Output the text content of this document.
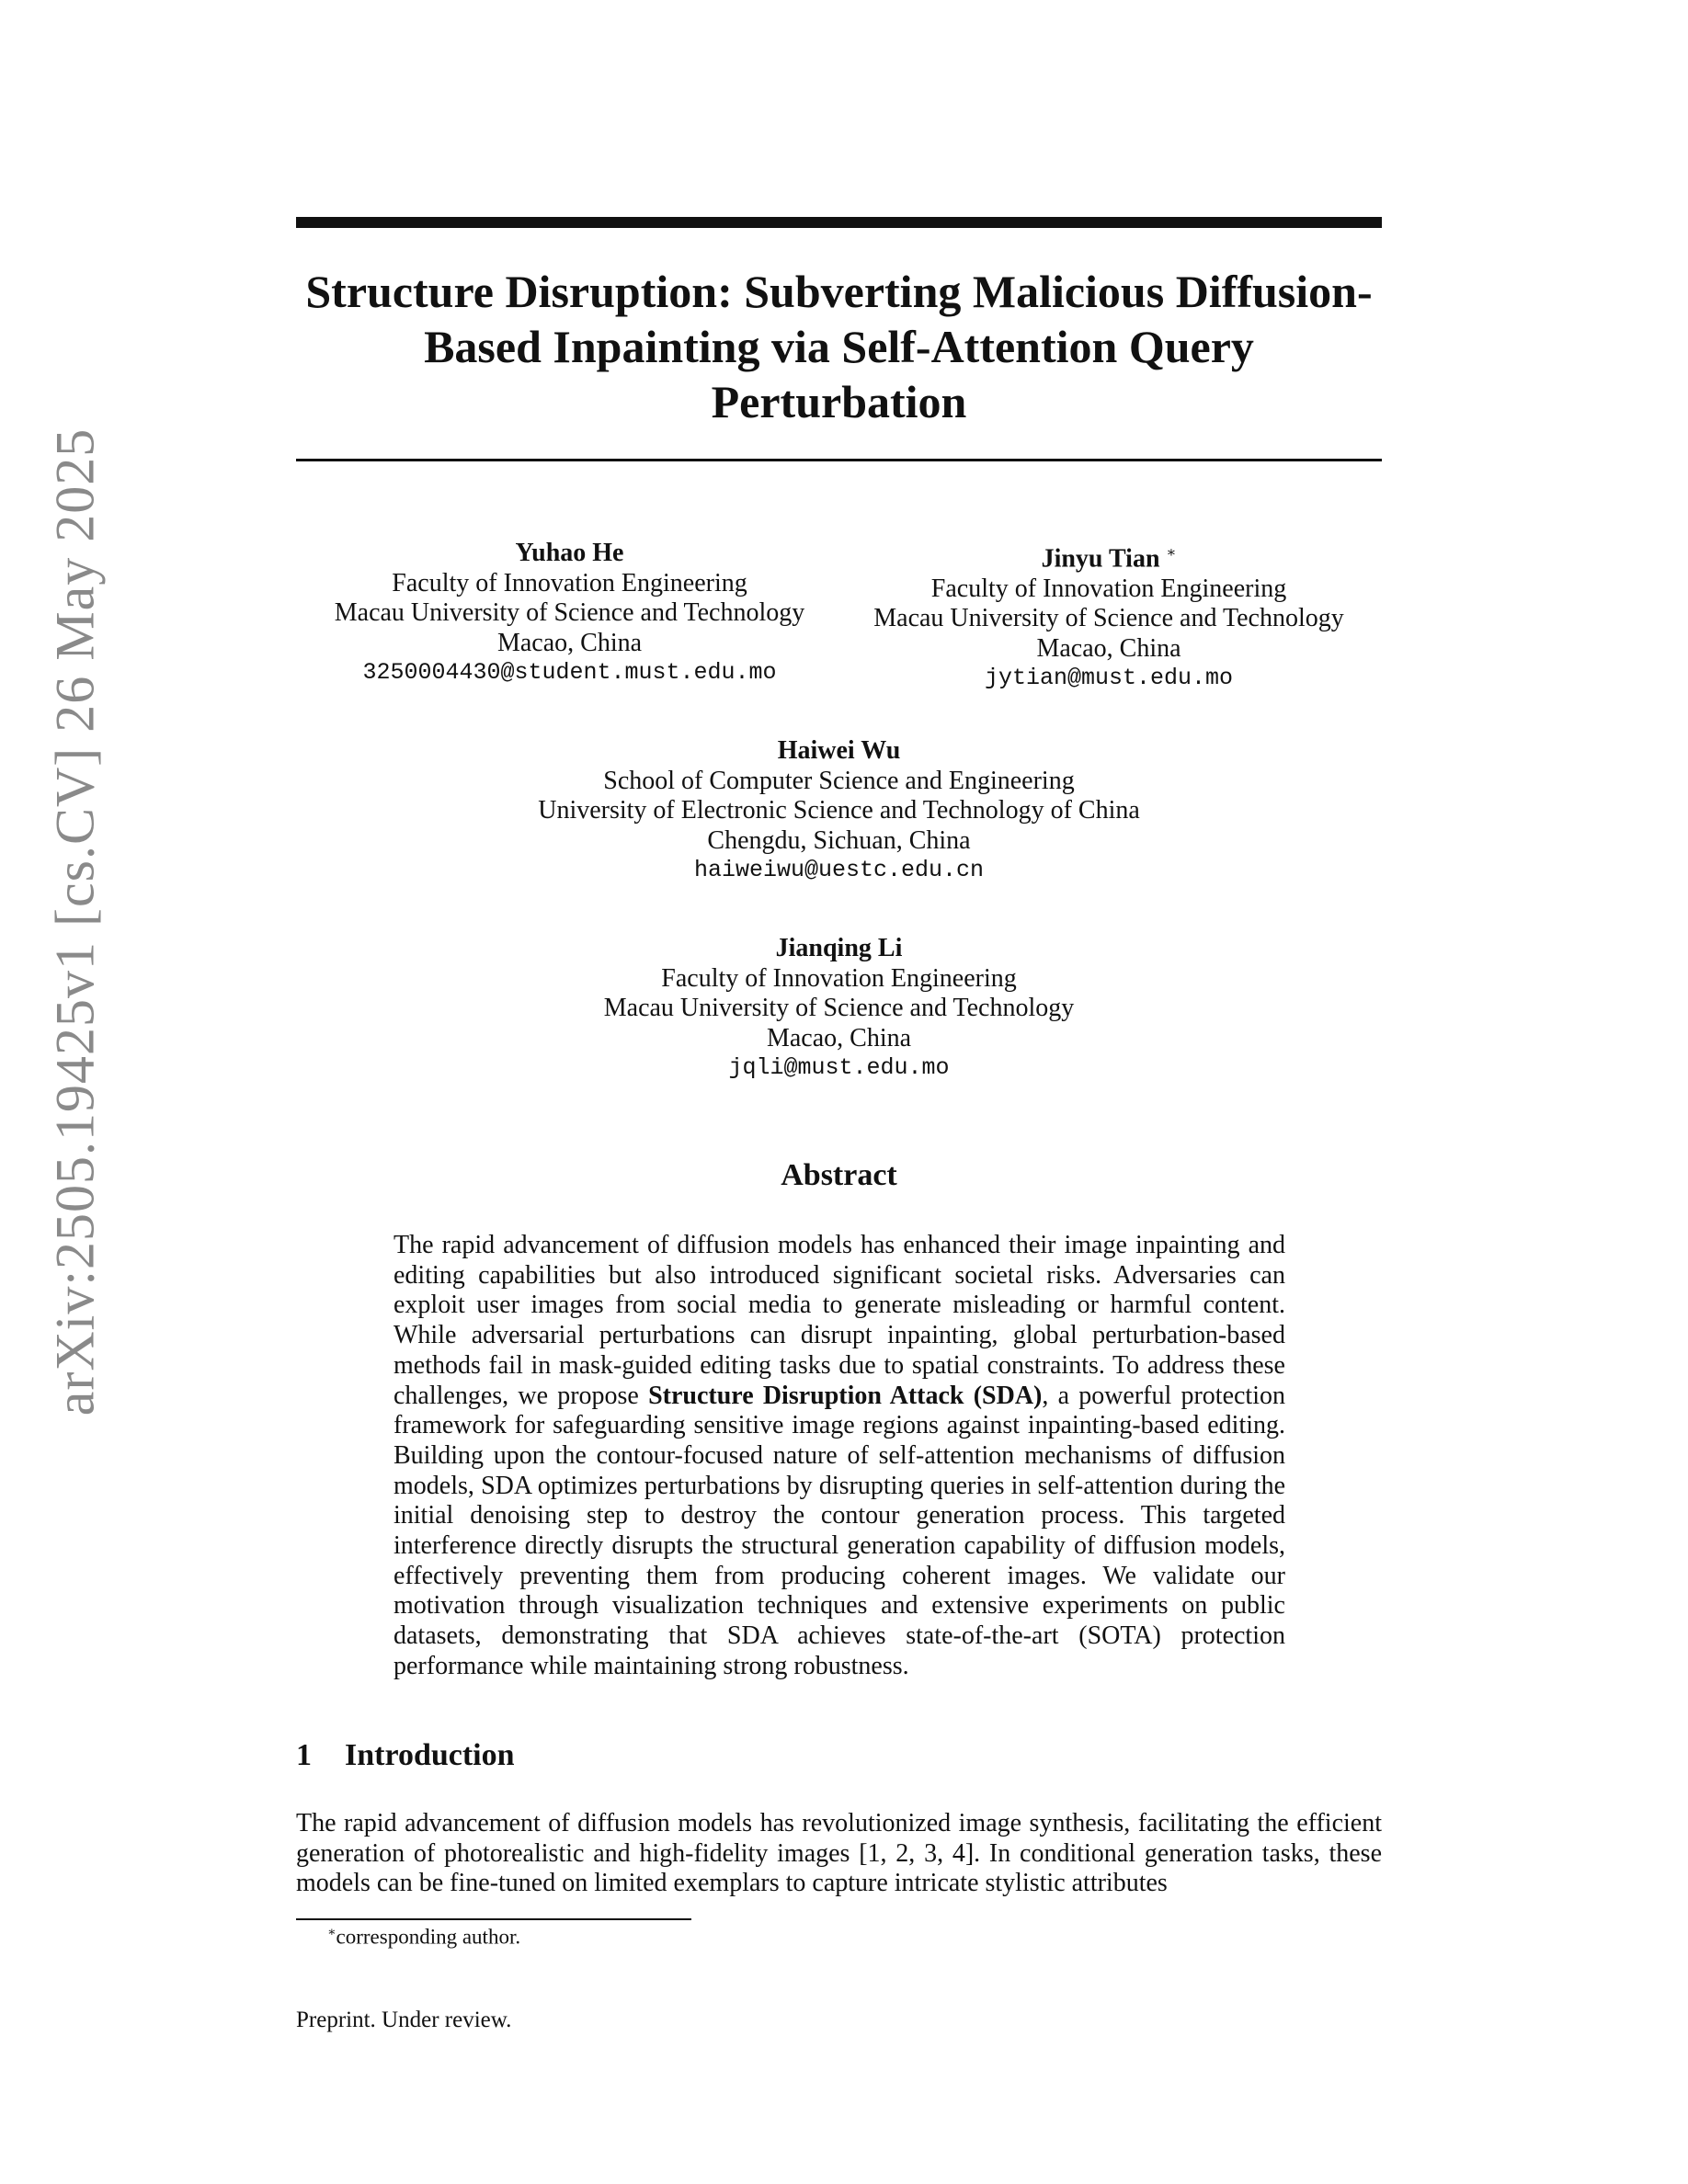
arXiv:2505.19425v1 [cs.CV] 26 May 2025
Structure Disruption: Subverting Malicious Diffusion-Based Inpainting via Self-Attention Query Perturbation
Yuhao He
Faculty of Innovation Engineering
Macau University of Science and Technology
Macao, China
3250004430@student.must.edu.mo
Jinyu Tian ∗
Faculty of Innovation Engineering
Macau University of Science and Technology
Macao, China
jytian@must.edu.mo
Haiwei Wu
School of Computer Science and Engineering
University of Electronic Science and Technology of China
Chengdu, Sichuan, China
haiweiwu@uestc.edu.cn
Jianqing Li
Faculty of Innovation Engineering
Macau University of Science and Technology
Macao, China
jqli@must.edu.mo
Abstract
The rapid advancement of diffusion models has enhanced their image inpainting and editing capabilities but also introduced significant societal risks. Adversaries can exploit user images from social media to generate misleading or harmful content. While adversarial perturbations can disrupt inpainting, global perturbation-based methods fail in mask-guided editing tasks due to spatial constraints. To address these challenges, we propose Structure Disruption Attack (SDA), a powerful protection framework for safeguarding sensitive image regions against inpainting-based editing. Building upon the contour-focused nature of self-attention mechanisms of diffusion models, SDA optimizes perturbations by disrupting queries in self-attention during the initial denoising step to destroy the contour generation process. This targeted interference directly disrupts the structural generation capability of diffusion models, effectively preventing them from producing coherent images. We validate our motivation through visualization techniques and extensive experiments on public datasets, demonstrating that SDA achieves state-of-the-art (SOTA) protection performance while maintaining strong robustness.
1 Introduction
The rapid advancement of diffusion models has revolutionized image synthesis, facilitating the efficient generation of photorealistic and high-fidelity images [1, 2, 3, 4]. In conditional generation tasks, these models can be fine-tuned on limited exemplars to capture intricate stylistic attributes
∗corresponding author.
Preprint. Under review.
